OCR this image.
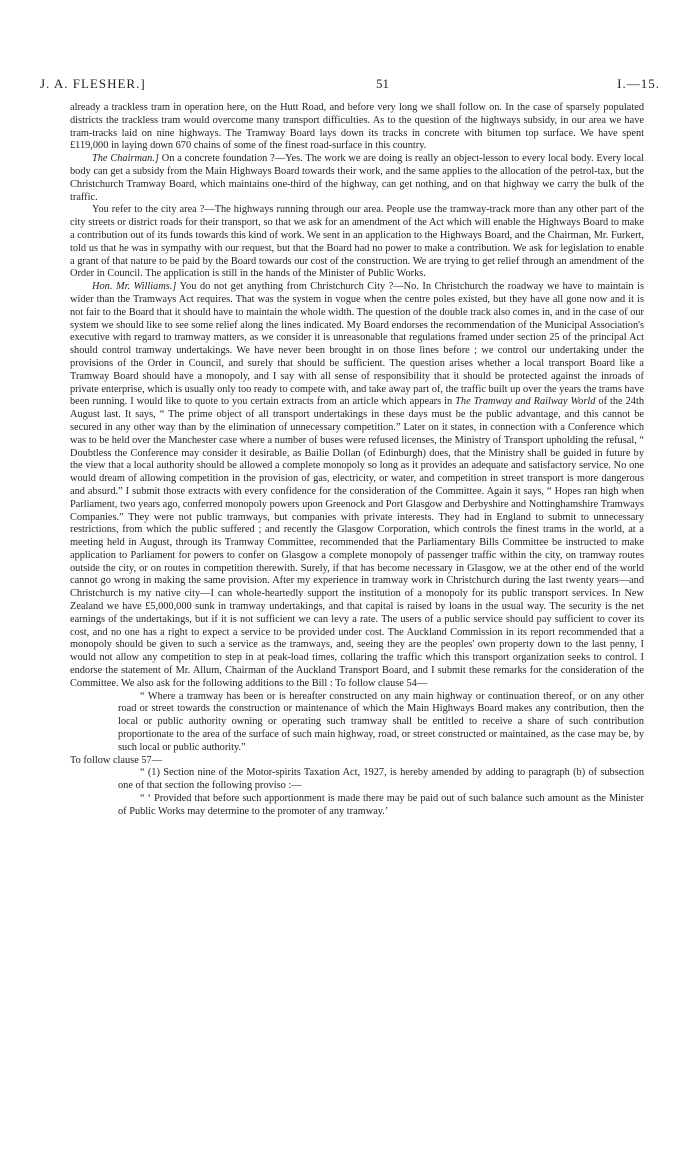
J. A. FLESHER.]	51	I.—15.

already a trackless tram in operation here, on the Hutt Road, and before very long we shall follow on. In the case of sparsely populated districts the trackless tram would overcome many transport difficulties. As to the question of the highways subsidy, in our area we have tram-tracks laid on nine highways. The Tramway Board lays down its tracks in concrete with bitumen top surface. We have spent £119,000 in laying down 670 chains of some of the finest road-surface in this country.

The Chairman.] On a concrete foundation ?—Yes. The work we are doing is really an object-lesson to every local body. Every local body can get a subsidy from the Main Highways Board towards their work, and the same applies to the allocation of the petrol-tax, but the Christchurch Tramway Board, which maintains one-third of the highway, can get nothing, and on that highway we carry the bulk of the traffic.

You refer to the city area ?—The highways running through our area. People use the tramway-track more than any other part of the city streets or district roads for their transport, so that we ask for an amendment of the Act which will enable the Highways Board to make a contribution out of its funds towards this kind of work. We sent in an application to the Highways Board, and the Chairman, Mr. Furkert, told us that he was in sympathy with our request, but that the Board had no power to make a contribution. We ask for legislation to enable a grant of that nature to be paid by the Board towards our cost of the construction. We are trying to get relief through an amendment of the Order in Council. The application is still in the hands of the Minister of Public Works.

Hon. Mr. Williams.] You do not get anything from Christchurch City ?—No. In Christchurch the roadway we have to maintain is wider than the Tramways Act requires. That was the system in vogue when the centre poles existed, but they have all gone now and it is not fair to the Board that it should have to maintain the whole width. The question of the double track also comes in, and in the case of our system we should like to see some relief along the lines indicated. My Board endorses the recommendation of the Municipal Association's executive with regard to tramway matters, as we consider it is unreasonable that regulations framed under section 25 of the principal Act should control tramway undertakings. We have never been brought in on those lines before ; we control our undertaking under the provisions of the Order in Council, and surely that should be sufficient. The question arises whether a local transport Board like a Tramway Board should have a monopoly, and I say with all sense of responsibility that it should be protected against the inroads of private enterprise, which is usually only too ready to compete with, and take away part of, the traffic built up over the years the trams have been running. I would like to quote to you certain extracts from an article which appears in The Tramway and Railway World of the 24th August last. It says, “ The prime object of all transport undertakings in these days must be the public advantage, and this cannot be secured in any other way than by the elimination of unnecessary competition.” Later on it states, in connection with a Conference which was to be held over the Manchester case where a number of buses were refused licenses, the Ministry of Transport upholding the refusal, “ Doubtless the Conference may consider it desirable, as Bailie Dollan (of Edinburgh) does, that the Ministry shall be guided in future by the view that a local authority should be allowed a complete monopoly so long as it provides an adequate and satisfactory service. No one would dream of allowing competition in the provision of gas, electricity, or water, and competition in street transport is more dangerous and absurd.” I submit those extracts with every confidence for the consideration of the Committee. Again it says, “ Hopes ran high when Parliament, two years ago, conferred monopoly powers upon Greenock and Port Glasgow and Derbyshire and Nottinghamshire Tramways Companies.” They were not public tramways, but companies with private interests. They had in England to submit to unnecessary restrictions, from which the public suffered ; and recently the Glasgow Corporation, which controls the finest trams in the world, at a meeting held in August, through its Tramway Committee, recommended that the Parliamentary Bills Committee be instructed to make application to Parliament for powers to confer on Glasgow a complete monopoly of passenger traffic within the city, on tramway routes outside the city, or on routes in competition therewith. Surely, if that has become necessary in Glasgow, we at the other end of the world cannot go wrong in making the same provision. After my experience in tramway work in Christchurch during the last twenty years—and Christchurch is my native city—I can whole-heartedly support the institution of a monopoly for its public transport services. In New Zealand we have £5,000,000 sunk in tramway undertakings, and that capital is raised by loans in the usual way. The security is the net earnings of the undertakings, but if it is not sufficient we can levy a rate. The users of a public service should pay sufficient to cover its cost, and no one has a right to expect a service to be provided under cost. The Auckland Commission in its report recommended that a monopoly should be given to such a service as the tramways, and, seeing they are the peoples' own property down to the last penny, I would not allow any competition to step in at peak-load times, collaring the traffic which this transport organization seeks to control. I endorse the statement of Mr. Allum, Chairman of the Auckland Transport Board, and I submit these remarks for the consideration of the Committee. We also ask for the following additions to the Bill : To follow clause 54—

“ Where a tramway has been or is hereafter constructed on any main highway or continuation thereof, or on any other road or street towards the construction or maintenance of which the Main Highways Board makes any contribution, then the local or public authority owning or operating such tramway shall be entitled to receive a share of such contribution proportionate to the area of the surface of such main highway, road, or street constructed or maintained, as the case may be, by such local or public authority.”

To follow clause 57—

“ (1) Section nine of the Motor-spirits Taxation Act, 1927, is hereby amended by adding to paragraph (b) of subsection one of that section the following proviso :—

“ ‘ Provided that before such apportionment is made there may be paid out of such balance such amount as the Minister of Public Works may determine to the promoter of any tramway.’
